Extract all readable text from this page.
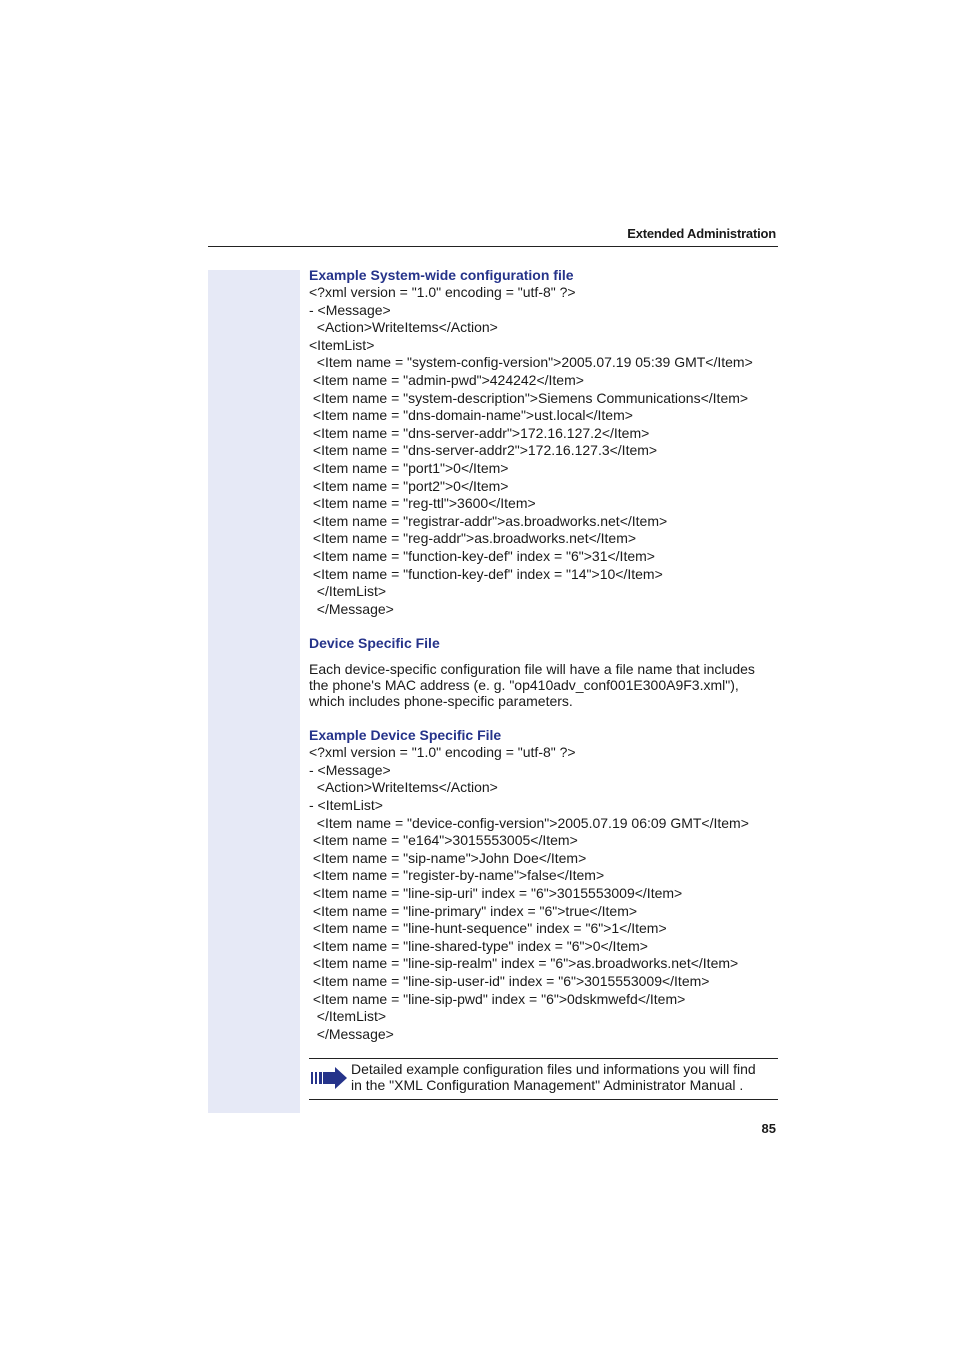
Extended Administration

Example System-wide configuration file

<?xml version = "1.0" encoding = "utf-8" ?>

- <Message>

<Action>WriteItems</Action>

<ItemList>

<Item name = "system-config-version">2005.07.19 05:39 GMT</Item>

<Item name = "admin-pwd">424242</Item>

<Item name = "system-description">Siemens Communications</Item>

<Item name = "dns-domain-name">ust.local</Item>

<Item name = "dns-server-addr">172.16.127.2</Item>

<Item name = "dns-server-addr2">172.16.127.3</Item>

<Item name = "port1">0</Item>

<Item name = "port2">0</Item>

<Item name = "reg-ttl">3600</Item>

<Item name = "registrar-addr">as.broadworks.net</Item>

<Item name = "reg-addr">as.broadworks.net</Item>

<Item name = "function-key-def" index = "6">31</Item>

<Item name = "function-key-def" index = "14">10</Item>

</ItemList>

</Message>

Device Specific File

Each device-specific configuration file will have a file name that includes

the phone's MAC address (e. g. "op410adv_conf001E300A9F3.xml"),

which includes phone-specific parameters.

Example Device Specific File

<?xml version = "1.0" encoding = "utf-8" ?>

- <Message>

<Action>WriteItems</Action>

- <ItemList>

<Item name = "device-config-version">2005.07.19 06:09 GMT</Item>

<Item name = "e164">3015553005</Item>

<Item name = "sip-name">John Doe</Item>

<Item name = "register-by-name">false</Item>

<Item name = "line-sip-uri" index = "6">3015553009</Item>

<Item name = "line-primary" index = "6">true</Item>

<Item name = "line-hunt-sequence" index = "6">1</Item>

<Item name = "line-shared-type" index = "6">0</Item>

<Item name = "line-sip-realm" index = "6">as.broadworks.net</Item>

<Item name = "line-sip-user-id" index = "6">3015553009</Item>

<Item name = "line-sip-pwd" index = "6">0dskmwefd</Item>

</ItemList>

</Message>

Detailed example configuration files und informations you will find
in the "XML Configuration Management" Administrator Manual .
85
